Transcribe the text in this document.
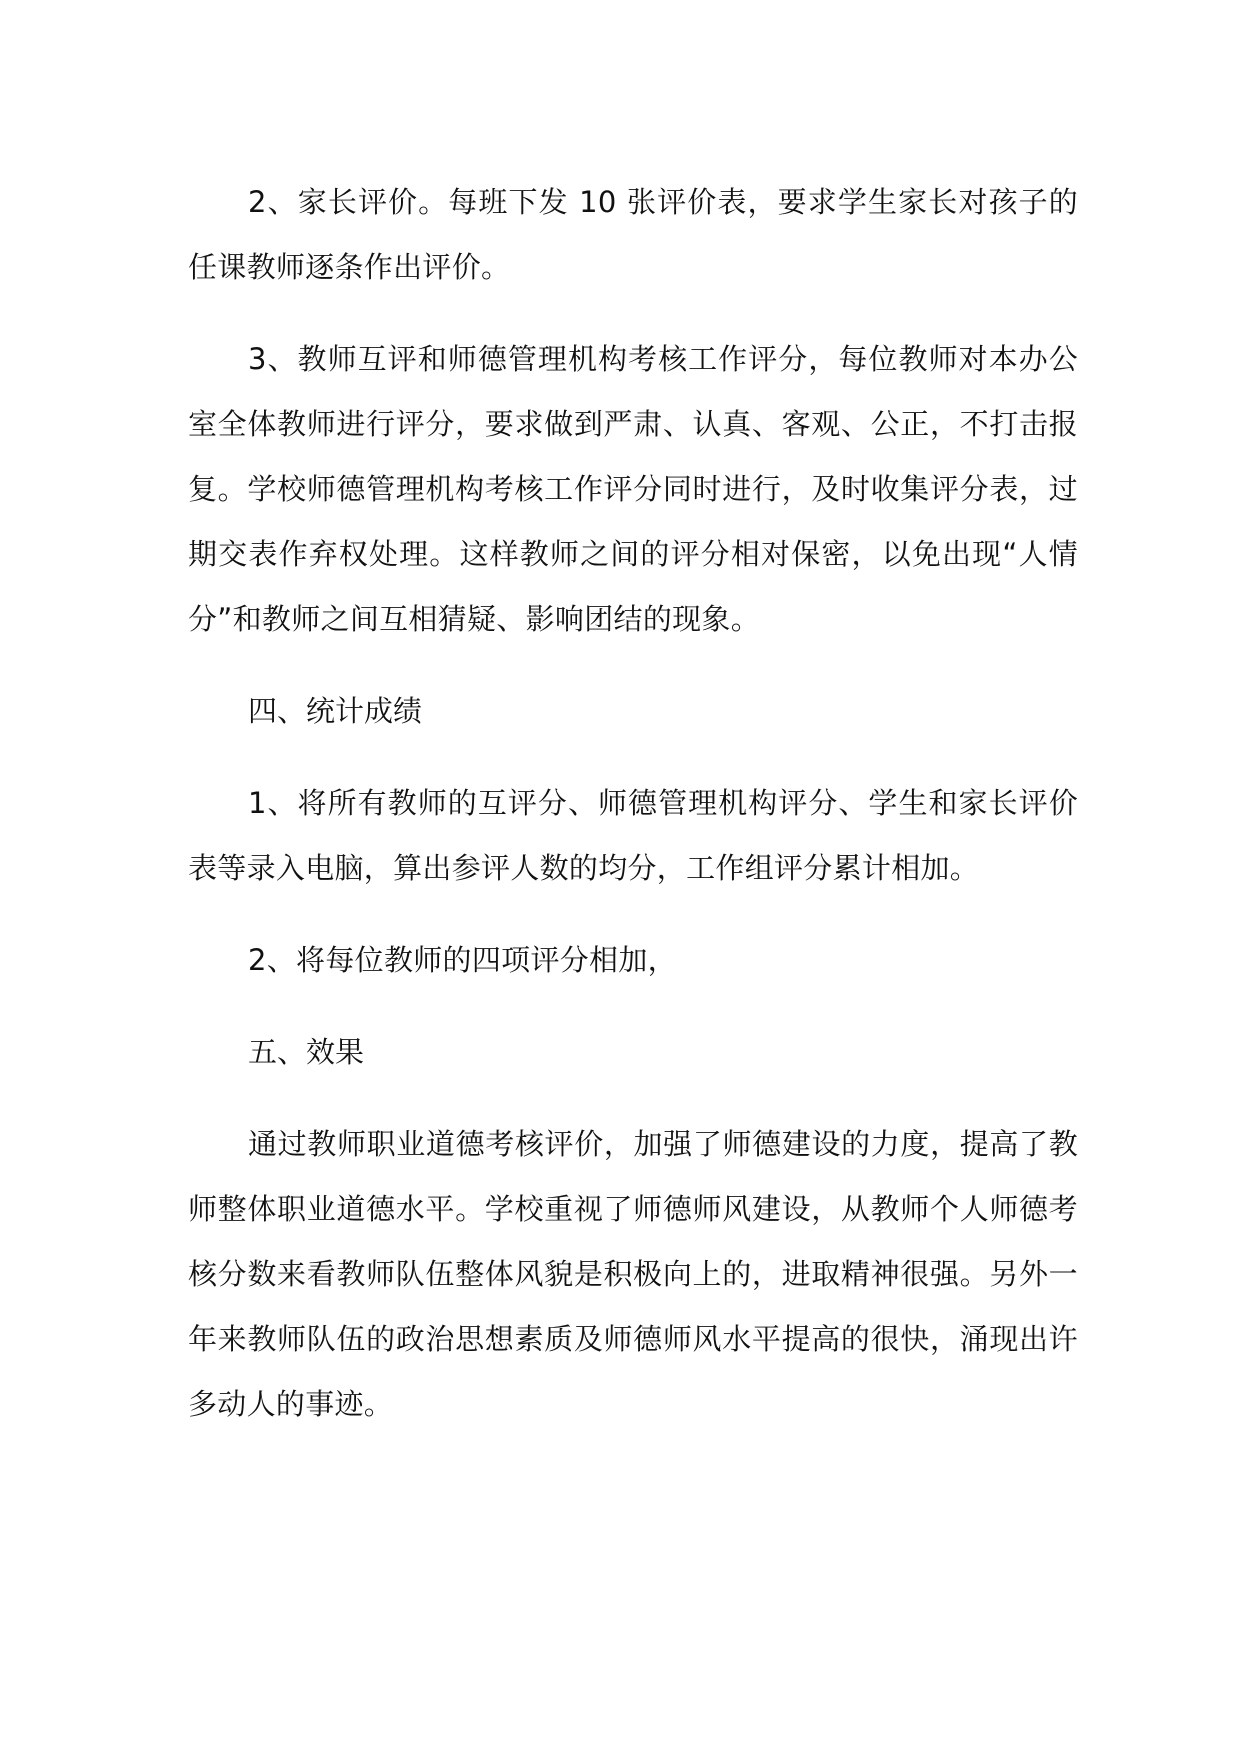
2、家长评价。每班下发 10 张评价表，要求学生家长对孩子的任课教师逐条作出评价。

3、教师互评和师德管理机构考核工作评分，每位教师对本办公室全体教师进行评分，要求做到严肃、认真、客观、公正，不打击报复。学校师德管理机构考核工作评分同时进行，及时收集评分表，过期交表作弃权处理。这样教师之间的评分相对保密，以免出现“人情分”和教师之间互相猜疑、影响团结的现象。

四、统计成绩

1、将所有教师的互评分、师德管理机构评分、学生和家长评价表等录入电脑，算出参评人数的均分，工作组评分累计相加。

2、将每位教师的四项评分相加，

五、效果

通过教师职业道德考核评价，加强了师德建设的力度，提高了教师整体职业道德水平。学校重视了师德师风建设，从教师个人师德考核分数来看教师队伍整体风貌是积极向上的，进取精神很强。另外一年来教师队伍的政治思想素质及师德师风水平提高的很快，涌现出许多动人的事迹。
